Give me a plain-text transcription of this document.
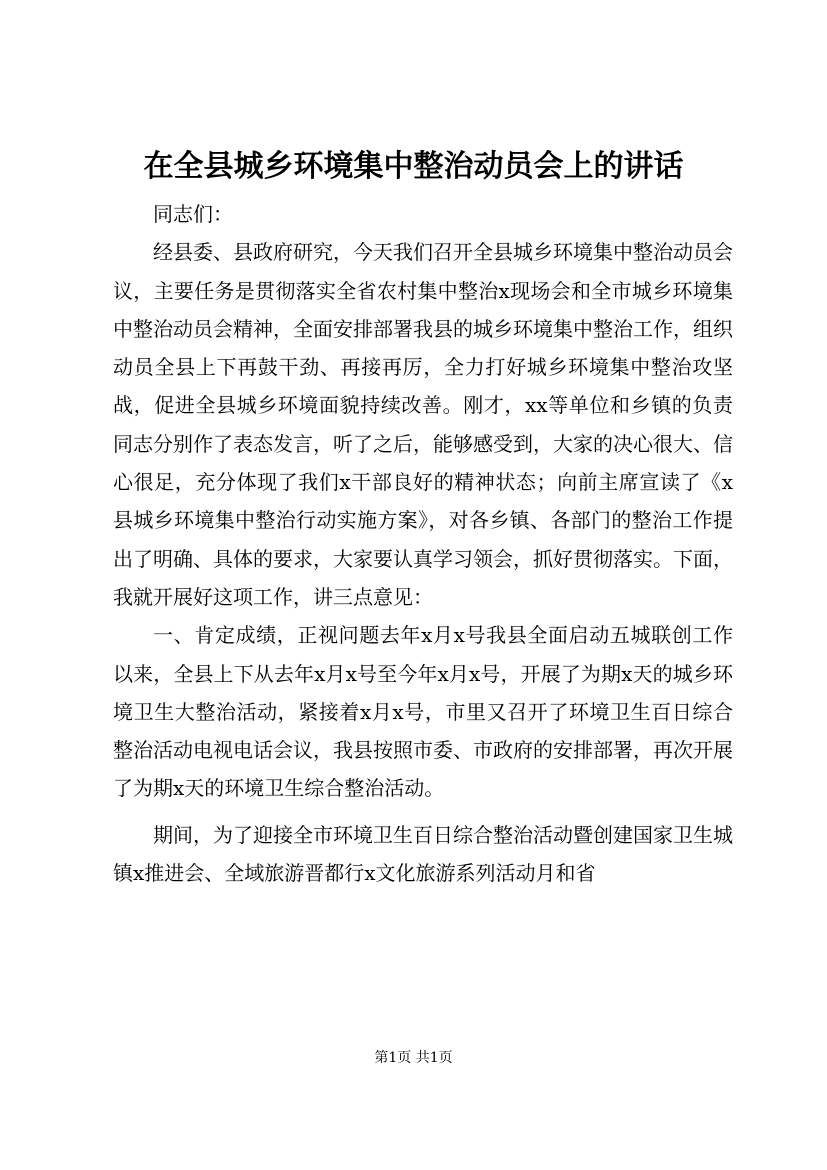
在全县城乡环境集中整治动员会上的讲话

同志们：

经县委、县政府研究，今天我们召开全县城乡环境集中整治动员会议，主要任务是贯彻落实全省农村集中整治x现场会和全市城乡环境集中整治动员会精神，全面安排部署我县的城乡环境集中整治工作，组织动员全县上下再鼓干劲、再接再厉，全力打好城乡环境集中整治攻坚战，促进全县城乡环境面貌持续改善。刚才，xx等单位和乡镇的负责同志分别作了表态发言，听了之后，能够感受到，大家的决心很大、信心很足，充分体现了我们x干部良好的精神状态；向前主席宣读了《x县城乡环境集中整治行动实施方案》，对各乡镇、各部门的整治工作提出了明确、具体的要求，大家要认真学习领会，抓好贯彻落实。下面，我就开展好这项工作，讲三点意见：

一、肯定成绩，正视问题去年x月x号我县全面启动五城联创工作以来，全县上下从去年x月x号至今年x月x号，开展了为期x天的城乡环境卫生大整治活动，紧接着x月x号，市里又召开了环境卫生百日综合整治活动电视电话会议，我县按照市委、市政府的安排部署，再次开展了为期x天的环境卫生综合整治活动。

期间，为了迎接全市环境卫生百日综合整治活动暨创建国家卫生城镇x推进会、全域旅游晋都行x文化旅游系列活动月和省

第1页 共1页
